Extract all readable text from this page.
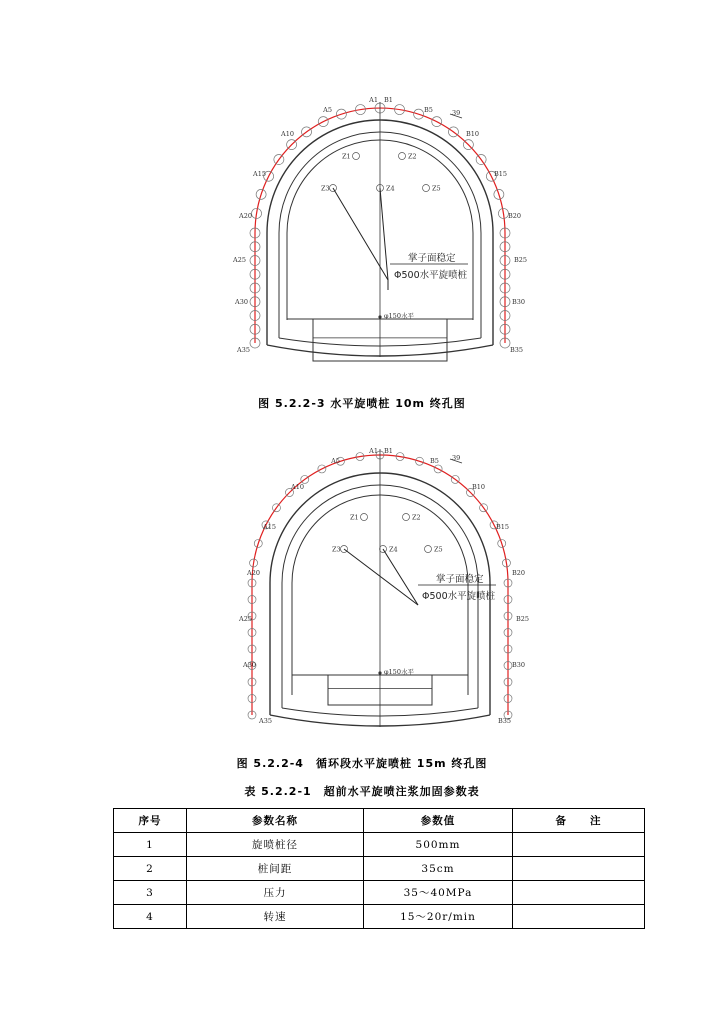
φ150水平
Z1	Z2
Z3	Z4	Z5
掌子面稳定
Φ500水平旋喷桩
39
A1
A5
A10
A15
A20
A25
A30
A35
B1
B5
B10
B15
B20
B25
B30
B35
图 5.2.2-3 水平旋喷桩 10m 终孔图
φ150水平
Z1	Z2
Z3	Z4	Z5
掌子面稳定
Φ500水平旋喷桩
39
A1
A5
A10
A15
A20
A25
A30
A35
B1
B5
B10
B15
B20
B25
B30
B35
图 5.2.2-4　循环段水平旋喷桩 15m 终孔图
表 5.2.2-1　超前水平旋喷注浆加固参数表
序号	参数名称	参数值	备　　注
1	旋喷桩径	500mm	
2	桩间距	35cm	
3	压力	35～40MPa	
4	转速	15～20r/min	
